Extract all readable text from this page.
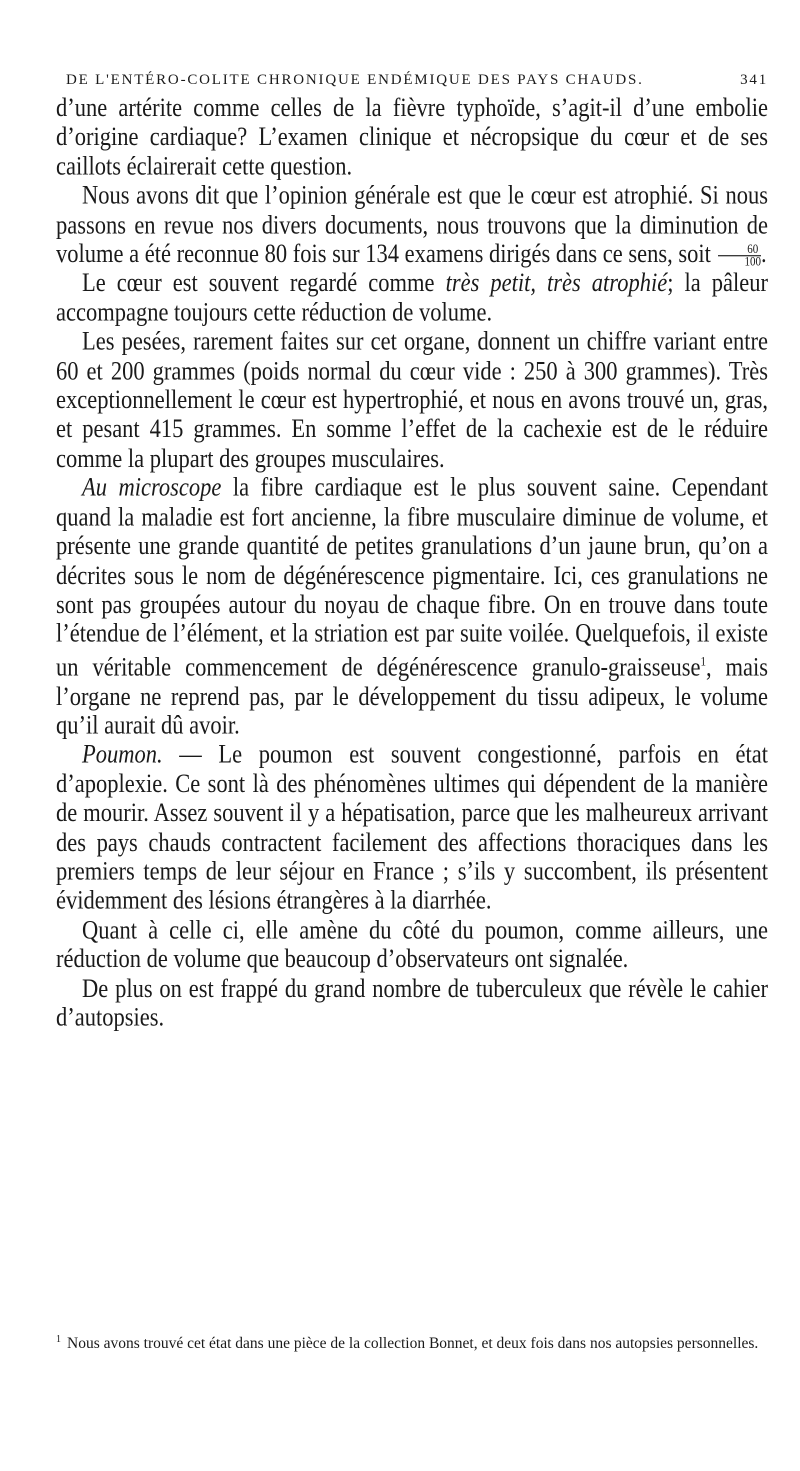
DE L'ENTÉRO-COLITE CHRONIQUE ENDÉMIQUE DES PAYS CHAUDS.	341

d’une artérite comme celles de la fièvre typhoïde, s’agit-il d’une embolie d’origine cardiaque? L’examen clinique et nécropsique du cœur et de ses caillots éclairerait cette question.

Nous avons dit que l’opinion générale est que le cœur est atrophié. Si nous passons en revue nos divers documents, nous trouvons que la diminution de volume a été reconnue 80 fois sur 134 examens dirigés dans ce sens, soit $\frac{60}{100}$ .

Le cœur est souvent regardé comme très petit, très atrophié; la pâleur accompagne toujours cette réduction de volume.

Les pesées, rarement faites sur cet organe, donnent un chiffre variant entre 60 et 200 grammes (poids normal du cœur vide : 250 à 300 grammes). Très exceptionnellement le cœur est hypertrophié, et nous en avons trouvé un, gras, et pesant 415 grammes. En somme l’effet de la cachexie est de le réduire comme la plupart des groupes musculaires.

Au microscope la fibre cardiaque est le plus souvent saine. Cependant quand la maladie est fort ancienne, la fibre musculaire diminue de volume, et présente une grande quantité de petites granulations d’un jaune brun, qu’on a décrites sous le nom de dégénérescence pigmentaire. Ici, ces granulations ne sont pas groupées autour du noyau de chaque fibre. On en trouve dans toute l’étendue de l’élément, et la striation est par suite voilée. Quelquefois, il existe un véritable commencement de dégénérescence granulo-graisseuse$^1$, mais l’organe ne reprend pas, par le développement du tissu adipeux, le volume qu’il aurait dû avoir.

Poumon. — Le poumon est souvent congestionné, parfois en état d’apoplexie. Ce sont là des phénomènes ultimes qui dépendent de la manière de mourir. Assez souvent il y a hépatisation, parce que les malheureux arrivant des pays chauds contractent facilement des affections thoraciques dans les premiers temps de leur séjour en France ; s’ils y succombent, ils présentent évidemment des lésions étrangères à la diarrhée.

Quant à celle ci, elle amène du côté du poumon, comme ailleurs, une réduction de volume que beaucoup d’observateurs ont signalée.

De plus on est frappé du grand nombre de tuberculeux que révèle le cahier d’autopsies.

$^1$ Nous avons trouvé cet état dans une pièce de la collection Bonnet, et deux fois dans nos autopsies personnelles.
